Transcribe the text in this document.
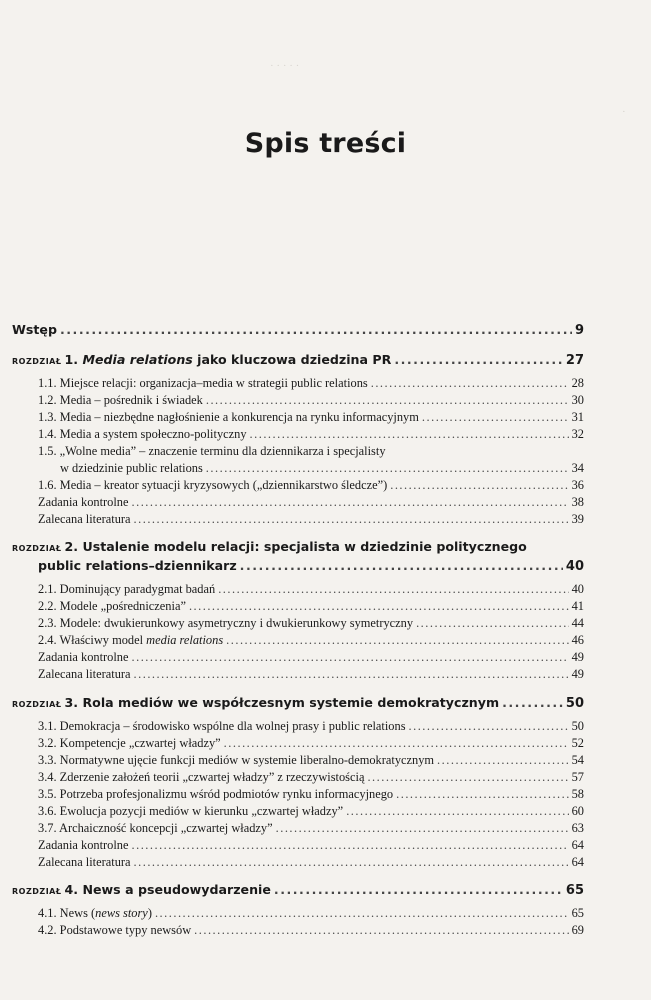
· · · · ·
·
Spis treści
Wstęp .....	9
ROZDZIAŁ 1. Media relations jako kluczowa dziedzina PR .....	27
1.1. Miejsce relacji: organizacja–media w strategii public relations .....	28
1.2. Media – pośrednik i świadek .....	30
1.3. Media – niezbędne nagłośnienie a konkurencja na rynku informacyjnym .....	31
1.4. Media a system społeczno-polityczny .....	32
1.5. „Wolne media” – znaczenie terminu dla dziennikarza i specjalisty
w dziedzinie public relations .....	34
1.6. Media – kreator sytuacji kryzysowych („dziennikarstwo śledcze”) .....	36
Zadania kontrolne .....	38
Zalecana literatura .....	39
ROZDZIAŁ 2. Ustalenie modelu relacji: specjalista w dziedzinie politycznego
public relations–dziennikarz .....	40
2.1. Dominujący paradygmat badań .....	40
2.2. Modele „pośredniczenia” .....	41
2.3. Modele: dwukierunkowy asymetryczny i dwukierunkowy symetryczny .....	44
2.4. Właściwy model media relations .....	46
Zadania kontrolne .....	49
Zalecana literatura .....	49
ROZDZIAŁ 3. Rola mediów we współczesnym systemie demokratycznym .....	50
3.1. Demokracja – środowisko wspólne dla wolnej prasy i public relations .....	50
3.2. Kompetencje „czwartej władzy” .....	52
3.3. Normatywne ujęcie funkcji mediów w systemie liberalno-demokratycznym .....	54
3.4. Zderzenie założeń teorii „czwartej władzy” z rzeczywistością .....	57
3.5. Potrzeba profesjonalizmu wśród podmiotów rynku informacyjnego .....	58
3.6. Ewolucja pozycji mediów w kierunku „czwartej władzy” .....	60
3.7. Archaiczność koncepcji „czwartej władzy” .....	63
Zadania kontrolne .....	64
Zalecana literatura .....	64
ROZDZIAŁ 4. News a pseudowydarzenie .....	65
4.1. News (news story) .....	65
4.2. Podstawowe typy newsów .....	69
